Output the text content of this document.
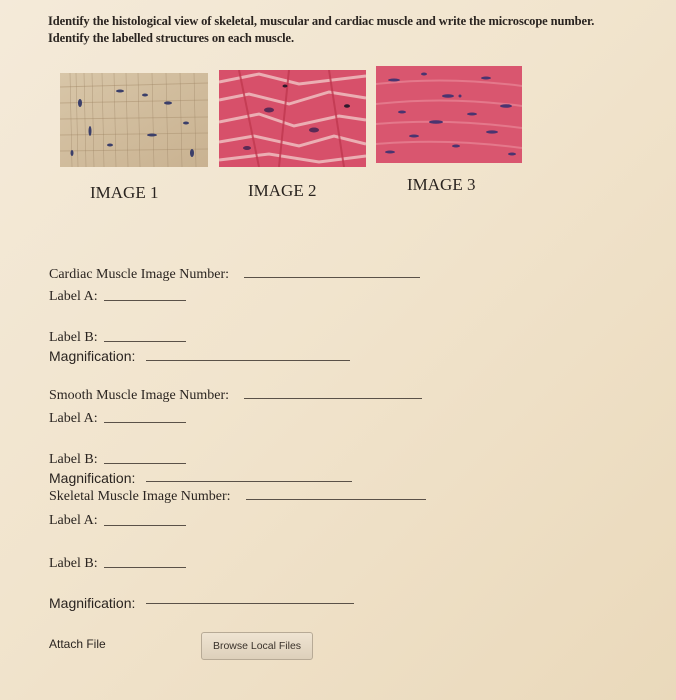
Identify the histological view of skeletal, muscular and cardiac muscle and write the microscope number.
Identify the labelled structures on each muscle.
IMAGE 1	IMAGE 2	IMAGE 3
Cardiac Muscle Image Number:
Label A:
Label B:
Magnification:
Smooth Muscle Image Number:
Label A:
Label B:
Magnification:
Skeletal Muscle Image Number:
Label A:
Label B:
Magnification:
Attach File	Browse Local Files
